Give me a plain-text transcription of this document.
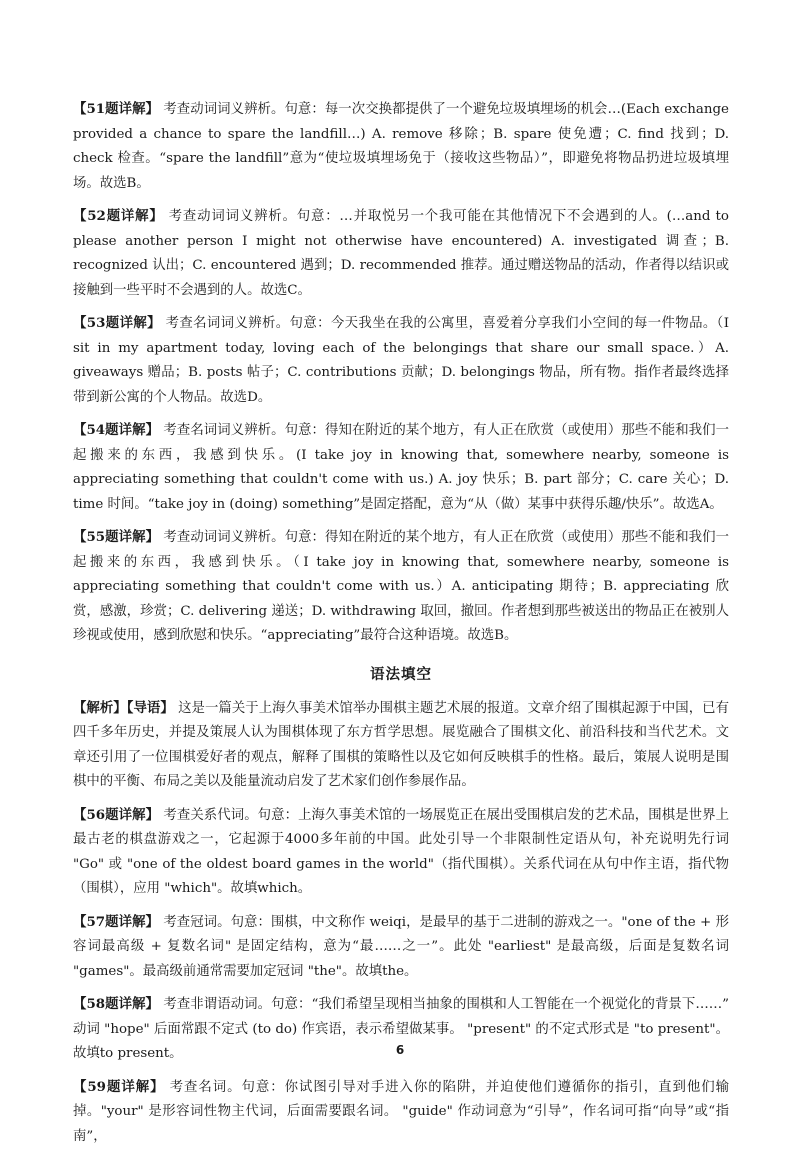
【51题详解】 考查动词词义辨析。句意：每一次交换都提供了一个避免垃圾填埋场的机会…(Each exchange provided a chance to spare the landfill…) A. remove 移除；B. spare 使免遭；C. find 找到；D. check 检查。“spare the landfill”意为“使垃圾填埋场免于（接收这些物品）”，即避免将物品扔进垃圾填埋场。故选B。

【52题详解】 考查动词词义辨析。句意：…并取悦另一个我可能在其他情况下不会遇到的人。(…and to please another person I might not otherwise have encountered) A. investigated 调查；B. recognized 认出；C. encountered 遇到；D. recommended 推荐。通过赠送物品的活动，作者得以结识或接触到一些平时不会遇到的人。故选C。

【53题详解】 考查名词词义辨析。句意：今天我坐在我的公寓里，喜爱着分享我们小空间的每一件物品。（I sit in my apartment today, loving each of the belongings that share our small space.）A. giveaways 赠品；B. posts 帖子；C. contributions 贡献；D. belongings 物品，所有物。指作者最终选择带到新公寓的个人物品。故选D。

【54题详解】 考查名词词义辨析。句意：得知在附近的某个地方，有人正在欣赏（或使用）那些不能和我们一起搬来的东西，我感到快乐。(I take joy in knowing that, somewhere nearby, someone is appreciating something that couldn't come with us.) A. joy 快乐；B. part 部分；C. care 关心；D. time 时间。“take joy in (doing) something”是固定搭配，意为“从（做）某事中获得乐趣/快乐”。故选A。

【55题详解】 考查动词词义辨析。句意：得知在附近的某个地方，有人正在欣赏（或使用）那些不能和我们一起搬来的东西，我感到快乐。（I take joy in knowing that, somewhere nearby, someone is appreciating something that couldn't come with us.）A. anticipating 期待；B. appreciating 欣赏，感激，珍赏；C. delivering 递送；D. withdrawing 取回，撤回。作者想到那些被送出的物品正在被别人珍视或使用，感到欣慰和快乐。“appreciating”最符合这种语境。故选B。

语法填空

【解析】【导语】 这是一篇关于上海久事美术馆举办围棋主题艺术展的报道。文章介绍了围棋起源于中国，已有四千多年历史，并提及策展人认为围棋体现了东方哲学思想。展览融合了围棋文化、前沿科技和当代艺术。文章还引用了一位围棋爱好者的观点，解释了围棋的策略性以及它如何反映棋手的性格。最后，策展人说明是围棋中的平衡、布局之美以及能量流动启发了艺术家们创作参展作品。

【56题详解】 考查关系代词。句意：上海久事美术馆的一场展览正在展出受围棋启发的艺术品，围棋是世界上最古老的棋盘游戏之一，它起源于4000多年前的中国。此处引导一个非限制性定语从句，补充说明先行词 "Go" 或 "one of the oldest board games in the world"（指代围棋）。关系代词在从句中作主语，指代物（围棋），应用 "which"。故填which。

【57题详解】 考查冠词。句意：围棋，中文称作 weiqi，是最早的基于二进制的游戏之一。"one of the + 形容词最高级 + 复数名词" 是固定结构，意为“最……之一”。此处 "earliest" 是最高级，后面是复数名词 "games"。最高级前通常需要加定冠词 "the"。故填the。

【58题详解】 考查非谓语动词。句意：“我们希望呈现相当抽象的围棋和人工智能在一个视觉化的背景下……” 动词 "hope" 后面常跟不定式 (to do) 作宾语，表示希望做某事。 "present" 的不定式形式是 "to present"。故填to present。

【59题详解】 考查名词。句意：你试图引导对手进入你的陷阱，并迫使他们遵循你的指引，直到他们输掉。"your" 是形容词性物主代词，后面需要跟名词。 "guide" 作动词意为“引导”，作名词可指“向导”或“指南”，

6
